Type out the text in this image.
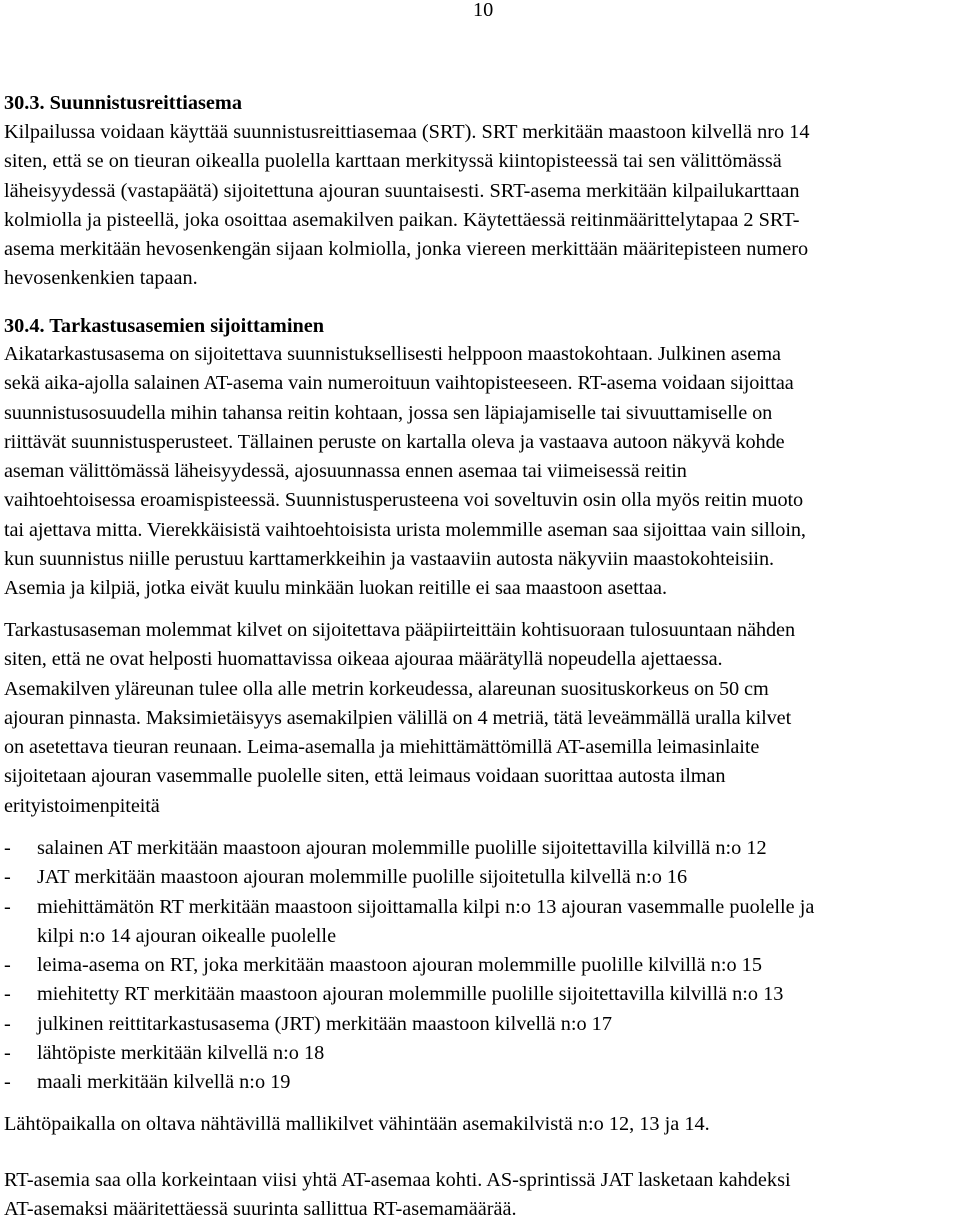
10
30.3. Suunnistusreittiasema
Kilpailussa voidaan käyttää suunnistusreittiasemaa (SRT). SRT merkitään maastoon kilvellä nro 14
siten, että se on tieuran oikealla puolella karttaan merkityssä kiintopisteessä tai sen välittömässä
läheisyydessä (vastapäätä) sijoitettuna ajouran suuntaisesti. SRT-asema merkitään kilpailukarttaan
kolmiolla ja pisteellä, joka osoittaa asemakilven paikan. Käytettäessä reitinmäärittelytapaa 2 SRT-
asema merkitään hevosenkengän sijaan kolmiolla, jonka viereen merkittään määritepisteen numero
hevosenkenkien tapaan.
30.4. Tarkastusasemien sijoittaminen
Aikatarkastusasema on sijoitettava suunnistuksellisesti helppoon maastokohtaan. Julkinen asema
sekä aika-ajolla salainen AT-asema vain numeroituun vaihtopisteeseen. RT-asema voidaan sijoittaa
suunnistusosuudella mihin tahansa reitin kohtaan, jossa sen läpiajamiselle tai sivuuttamiselle on
riittävät suunnistusperusteet. Tällainen peruste on kartalla oleva ja vastaava autoon näkyvä kohde
aseman välittömässä läheisyydessä, ajosuunnassa ennen asemaa tai viimeisessä reitin
vaihtoehtoisessa eroamispisteessä. Suunnistusperusteena voi soveltuvin osin olla myös reitin muoto
tai ajettava mitta. Vierekkäisistä vaihtoehtoisista urista molemmille aseman saa sijoittaa vain silloin,
kun suunnistus niille perustuu karttamerkkeihin ja vastaaviin autosta näkyviin maastokohteisiin.
Asemia ja kilpiä, jotka eivät kuulu minkään luokan reitille ei saa maastoon asettaa.
Tarkastusaseman molemmat kilvet on sijoitettava pääpiirteittäin kohtisuoraan tulosuuntaan nähden
siten, että ne ovat helposti huomattavissa oikeaa ajouraa määrätyllä nopeudella ajettaessa.
Asemakilven yläreunan tulee olla alle metrin korkeudessa, alareunan suosituskorkeus on 50 cm
ajouran pinnasta. Maksimietäisyys asemakilpien välillä on 4 metriä, tätä leveämmällä uralla kilvet
on asetettava tieuran reunaan. Leima-asemalla ja miehittämättömillä AT-asemilla leimasinlaite
sijoitetaan ajouran vasemmalle puolelle siten, että leimaus voidaan suorittaa autosta ilman
erityistoimenpiteitä
- salainen AT merkitään maastoon ajouran molemmille puolille sijoitettavilla kilvillä n:o 12
- JAT merkitään maastoon ajouran molemmille puolille sijoitetulla kilvellä n:o 16
- miehittämätön RT merkitään maastoon sijoittamalla kilpi n:o 13 ajouran vasemmalle puolelle ja
kilpi n:o 14 ajouran oikealle puolelle
- leima-asema on RT, joka merkitään maastoon ajouran molemmille puolille kilvillä n:o 15
- miehitetty RT merkitään maastoon ajouran molemmille puolille sijoitettavilla kilvillä n:o 13
- julkinen reittitarkastusasema (JRT) merkitään maastoon kilvellä n:o 17
- lähtöpiste merkitään kilvellä n:o 18
- maali merkitään kilvellä n:o 19
Lähtöpaikalla on oltava nähtävillä mallikilvet vähintään asemakilvistä n:o 12, 13 ja 14.
RT-asemia saa olla korkeintaan viisi yhtä AT-asemaa kohti. AS-sprintissä JAT lasketaan kahdeksi
AT-asemaksi määritettäessä suurinta sallittua RT-asemamäärää.
